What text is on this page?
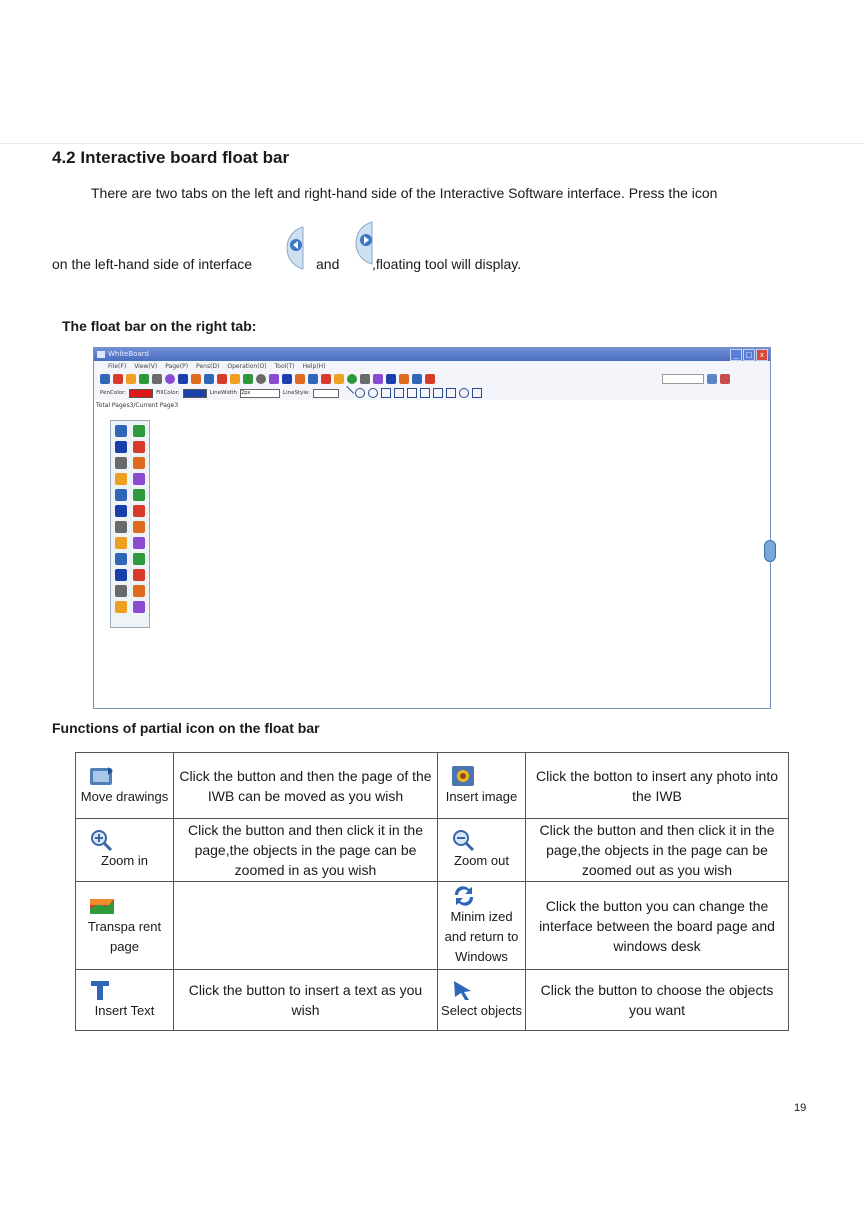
4.2 Interactive board float bar
There are two tabs on the left and right-hand side of the Interactive Software interface. Press the icon
on the left-hand side of interface	and ,floating tool will display.
The float bar on the right tab:
WhiteBoard	_	□	x
File(F) View(V) Page(P) Pens(D) Operation(O) Tool(T) Help(H)
PenColor:	FillColor:	LineWidth 2px	LineStyle:
Total Pages3/Current Page3
Functions of partial icon on the float bar
Move drawings	Click the button and then the page of the IWB can be moved as you wish	Insert image	Click the botton to insert any photo into the IWB

Zoom in	Click the button and then click it in the page,the objects in the page can be zoomed in as you wish	Zoom out	Click the button and then click it in the page,the objects in the page can be zoomed out as you wish

Transpa rent page		Minim ized and return to Windows	Click the button you can change the interface between the board page and windows desk

Insert Text	Click the button to insert a text as you wish	Select objects	Click the button to choose the objects you want
19
